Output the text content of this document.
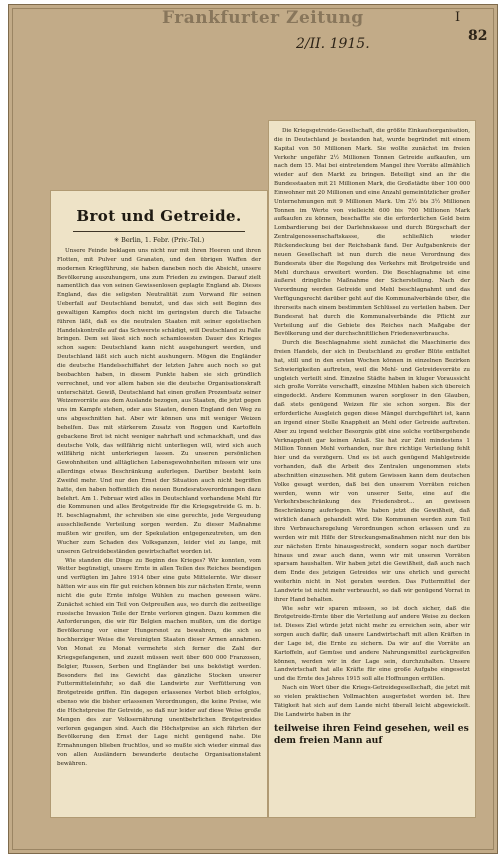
Frankfurter Zeitung
2/II. 1915.
I
82
Brot und Getreide.
✳ Berlin, 1. Febr. (Priv.-Tel.)

Unsere Feinde beklagen uns nicht nur mit ihren Heeren und ihren Flotten, mit Pulver und Granaten, und den übrigen Waffen der modernen Kriegführung, sie haben daneben noch die Absicht, unsere Bevölkerung auszuhungern, uns zum Frieden zu zwingen. Darauf zielt namentlich das von seinen Gewissenlosen geplagte England ab. Dieses England, das die seligsten Neutralität zum Vorwand für seinen Ueberfall auf Deutschland benutzt, und das sich seit Beginn des gewaltigen Kampfes doch nicht im geringsten durch die Tatsache führen läßt, daß es die neutralen Staaten mit seiner egoistischen Handelskontrolle auf das Schwerste schädigt, will Deutschland zu Falle bringen. Dem sei lässt sich noch schamlosesten Dauer des Krieges schon sagen: Deutschland kann nicht ausgehungert werden, und Deutschland läßt sich auch nicht aushungern. Mögen die Engländer die deutsche Handelsschiffahrt der letzten Jahre auch noch so gut beobachten haben, in diesem Punkte haben sie sich gründlich verrechnet, und vor allem haben sie die deutsche Organisationskraft unterschätzt. Gewiß, Deutschland hat einen großen Prozentsatz seiner Weizenvorräte aus dem Auslande bezogen, aus Staaten, die jetzt gegen uns im Kampfe stehen, oder aus Staaten, denen England den Weg zu uns abgeschnitten hat. Aber wir können uns mit weniger Weizen behelfen. Das mit stärkerem Zusatz von Roggen und Kartoffeln gebackene Brot ist nicht weniger nahrhaft und schmackhaft, und das deutsche Volk, das willfährig nicht unterliegen will, wird sich auch willfährig nicht unterkriegen lassen. Zu unseren persönlichen Gewohnheiten und alltäglichen Lebensgewohnheiten müssen wir uns allerdings etwas Beschränkung auferlegen. Darüber besteht kein Zweifel mehr. Und nur den Ernst der Situation auch nicht begriffen hatte, den haben hoffentlich die neuen Bundesratsverordnungen dazu belehrt. Am 1. Februar wird alles in Deutschland vorhandene Mehl für die Kommunen und alles Brotgetreide für die Kriegsgetreide G. m. b. H. beschlagnahmt, ihr schreiben sie eine gerechte, jede Vergeudung ausschließende Verteilung sorgen werden. Zu dieser Maßnahme mußten wir greifen, um der Spekulation entgegenzutreten, um den Wucher zum Schaden des Volksganzen, leider viel zu lange, mit unseren Getreidebeständen gewirtschaftet worden ist.

Wie standen die Dinge zu Beginn des Krieges? Wir konnten, vom Wetter begünstigt, unsere Ernte in allen Teilen des Reiches beendigen und verfügten im Jahre 1914 über eine gute Mittelernte. Wir dieser hätten wir aus ein für gut reichen können bis zur nächsten Ernte, wenn nicht die gute Ernte infolge Wühlen zu machen gewesen wäre. Zunächst schied ein Teil von Ostpreußen aus, wo durch die zeitweilige russische Invasion Teile der Ernte verloren gingen. Dazu kommen die Anforderungen, die wir für Belgien machen mußten, um die dortige Bevölkerung vor einer Hungersnot zu bewahren, die sich so hochherziger Weise die Vereinigten Staaten dieser Armen annahmen. Von Monat zu Monat vermehrte sich ferner die Zahl der Kriegsgefangenen, und zuzeit müssen weit über 600 000 Franzosen, Belgier, Russen, Serben und Engländer bei uns beköstigt werden. Besonders fiel ins Gewicht das gänzliche Stocken unserer Futtermitteleinfuhr, so daß die Landwirte zur Verfütterung von Brotgetreide griffen. Ein dagegen erlassenes Verbot blieb erfolglos, ebenso wie die bisher erlassenen Verordnungen, die keine Preise, wie die Höchstpreise für Getreide, so daß nur leider auf diese Weise große Mengen des zur Volksernährung unentbehrlichen Brotgetreides verloren gegangen sind. Auch die Höchstpreise an sich führten der Bevölkerung den Ernst der Lage nicht genügend nahe. Die Ermahnungen blieben fruchtlos, und so mußte sich wieder einmal das von allen Ausländern bewunderte deutsche Organisationstalent bewähren.

Die Kriegsgetreide-Gesellschaft, die größte Einkaufsorganisation, die in Deutschland je bestanden hat, wurde begründet mit einem Kapital von 50 Millionen Mark. Sie wollte zunächst im freien Verkehr ungefähr 2½ Millionen Tonnen Getreide aufkaufen, um nach dem 15. Mai bei eintretendem Mangel ihre Vorräte allmählich wieder auf den Markt zu bringen. Beteiligt sind an ihr die Bundesstaaten mit 21 Millionen Mark, die Großstädte über 100 000 Einwohner mit 20 Millionen und eine Anzahl gemeinützlicher großer Unternehmungen mit 9 Millionen Mark. Um 2½ bis 3½ Millionen Tonnen im Werte von vielleicht 600 bis 700 Millionen Mark aufkaufen zu können, beschaffte sie die erforderlichen Geld beim Lombardierung bei der Darlehnskasse und durch Bürgschaft der Zentralgenossenschaftskasse, die schließlich wieder Rückendeckung bei der Reichsbank fand. Der Aufgabenkreis der neuen Gesellschaft ist nun durch die neue Verordnung des Bundesrats über die Regelung des Verkehrs mit Brotgetreide und Mehl durchaus erweitert worden. Die Beschlagnahme ist eine äußerst dringliche Maßnahme der Sicherstellung. Nach der Verordnung werden Getreide und Mehl beschlagnahmt und das Verfügungsrecht darüber geht auf die Kommunalverbände über, die ihrerseits nach einem bestimmten Schlüssel zu verteilen haben. Der Bundesrat hat durch die Kommunalverbände die Pflicht zur Verteilung auf die Gebiete des Reiches nach Maßgabe der Bevölkerung und der durchschnittlichen Friedensverbrauchs.

Durch die Beschlagnahme sieht zunächst die Maschinerie des freien Handels, der sich in Deutschland zu großer Blüte entfaltet hat, still und in den ersten Wochen können in einzelnen Bezirken Schwierigkeiten auftreten, weil die Mehl- und Getreidevorräte zu ungleich verteilt sind. Einzelne Städte haben in kluger Voraussicht sich große Vorräte verschafft, einzelne Mühlen haben sich übereich eingedeckt. Andere Kommunen waren sorgloser in den Glauben, daß stets genügend Weizen für sie schon sorgen. Bis der erforderliche Ausgleich gegen diese Mängel durchgeführt ist, kann an irgend einer Stelle Knappheit an Mehl oder Getreide auftreten. Aber zu irgend welcher Besorgnis gibt eine solche vorübergehende Verknappheit gar keinen Anlaß. Sie hat zur Zeit mindestens 1 Million Tonnen Mehl vorhanden, nur ihre richtige Verteilung fehlt hier und da verzögern. Und es ist auch genügend Mahlgetreide vorhanden, daß die Arbeit des Zentralen ungenommen stets abschnitten einzusehen. Mit gutem Gewissen kann dem deutschen Volke gesagt werden, daß bei den unserem Vorräten reichen werden, wenn wir von unserer Seite, eine auf die Verkehrsbeschränkung des Friedensbrot... an gewissen Beschränkung auferlegen. Wie haben jetzt die Gewißheit, daß wirklich danach gehandelt wird. Die Kommunen werden zum Teil ihre Verbrauchsregelung Verordnungen schon erlassen und zu werden wir mit Hilfe der Streckungsmaßnahmen nicht nur den bis zur nächsten Ernte hinausgestreckt, sondern sogar noch darüber hinaus und zwar auch dann, wenn wir mit unseren Vorräten sparsam haushalten. Wir haben jetzt die Gewißheit, daß auch nach dem Ende des jetzigen Getreides wir uns ehrlich und gerecht weiterhin nicht in Not geraten werden. Das Futtermittel der Landwirte ist nicht mehr verbraucht, so daß wir genügend Vorrat in ihrer Hand behalten.

Wie sehr wir sparen müssen, so ist doch sicher, daß die Brotgetreide-Ernte über die Verteilung auf andere Weise zu decken ist. Dieses Ziel würde jetzt nicht mehr zu erreichen sein, aber wir sorgen auch dafür, daß unsere Landwirtschaft mit allen Kräften in der Lage ist, die Ernte zu sichern. Da wir auf die Vorräte an Kartoffeln, auf Gemüse und andere Nahrungsmittel zurückgreifen können, werden wir in der Lage sein, durchzuhalten. Unsere Landwirtschaft hat alle Kräfte für eine große Aufgabe eingesetzt und die Ernte des Jahres 1915 soll alle Hoffnungen erfüllen.

Nach ein Wort über die Kriegs-Getreidegesellschaft, die jetzt mit so vielen praktischen Vollmachten ausgerüstet worden ist. Ihre Tätigkeit hat sich auf dem Lande nicht überall leicht abgewickelt. Die Landwirte haben in ihr

teilweise ihren Feind gesehen, weil es dem freien Mann auf
